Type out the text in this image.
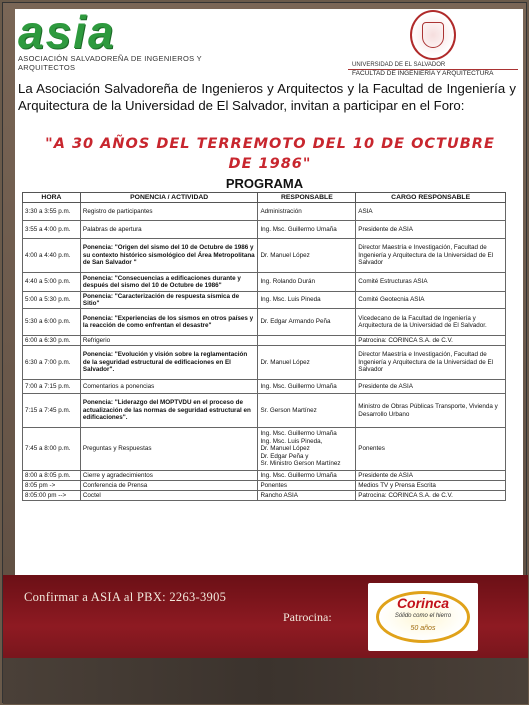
asia
ASOCIACIÓN SALVADOREÑA DE INGENIEROS Y ARQUITECTOS	UNIVERSIDAD DE EL SALVADOR
FACULTAD DE INGENIERÍA Y ARQUITECTURA
La Asociación Salvadoreña de Ingenieros y Arquitectos y la Facultad de Ingeniería y Arquitectura de la Universidad de El Salvador, invitan a participar en el Foro:
"A 30 AÑOS DEL TERREMOTO DEL 10 DE OCTUBRE DE 1986"
PROGRAMA
HORA	PONENCIA / ACTIVIDAD	RESPONSABLE	CARGO RESPONSABLE
3:30 a 3:55 p.m.	Registro de participantes	Administración	ASIA
3:55 a 4:00 p.m.	Palabras de apertura	Ing. Msc. Guillermo Umaña	Presidente de ASIA
4:00 a 4:40 p.m.	Ponencia: "Origen del sismo del 10 de Octubre de 1986 y su contexto histórico sismológico del Área Metropolitana de San Salvador "	Dr. Manuel López	Director Maestría e Investigación, Facultad de Ingeniería y Arquitectura de la Universidad de El Salvador
4:40 a 5:00 p.m.	Ponencia: "Consecuencias a edificaciones durante y después del sismo del 10 de Octubre de 1986"	Ing. Rolando Durán	Comité Estructuras ASIA
5:00 a 5:30 p.m.	Ponencia: "Caracterización de respuesta sísmica de Sitio"	Ing. Msc. Luis Pineda	Comité Geotecnia ASIA
5:30 a 6:00 p.m.	Ponencia: "Experiencias de los sismos en otros países y la reacción de como enfrentan el desastre"	Dr. Edgar Armando Peña	Vicedecano de la Facultad de Ingeniería y Arquitectura de la Universidad de El Salvador.
6:00 a 6:30 p.m.	Refrigerio		Patrocina: CORINCA S.A. de C.V.
6:30 a 7:00 p.m.	Ponencia: "Evolución y visión sobre la reglamentación de la seguridad estructural de edificaciones en El Salvador".	Dr. Manuel López	Director Maestría e Investigación, Facultad de Ingeniería y Arquitectura de la Universidad de El Salvador
7:00 a 7:15 p.m.	Comentarios a ponencias	Ing. Msc. Guillermo Umaña	Presidente de ASIA
7:15 a 7:45 p.m.	Ponencia: "Liderazgo del MOPTVDU en el proceso de actualización de las normas de seguridad estructural en edificaciones".	Sr. Gerson Martínez	Ministro de Obras Públicas Transporte, Vivienda y Desarrollo Urbano
7:45 a 8:00 p.m.	Preguntas y Respuestas	Ing. Msc. Guillermo Umaña
Ing. Msc. Luis Pineda,
Dr. Manuel López
Dr. Edgar Peña y
Sr. Ministro Gerson Martínez	Ponentes
8:00 a 8:05 p.m.	Cierre y agradecimientos	Ing. Msc. Guillermo Umaña	Presidente de ASIA
8:05 pm ->	Conferencia de Prensa	Ponentes	Medios TV y Prensa Escrita
8:05:00 pm -->	Coctel	Rancho ASIA	Patrocina: CORINCA S.A. de C.V.
Confirmar a ASIA al PBX: 2263-3905
Patrocina:
Corinca
Sólido como el hierro
50 años
